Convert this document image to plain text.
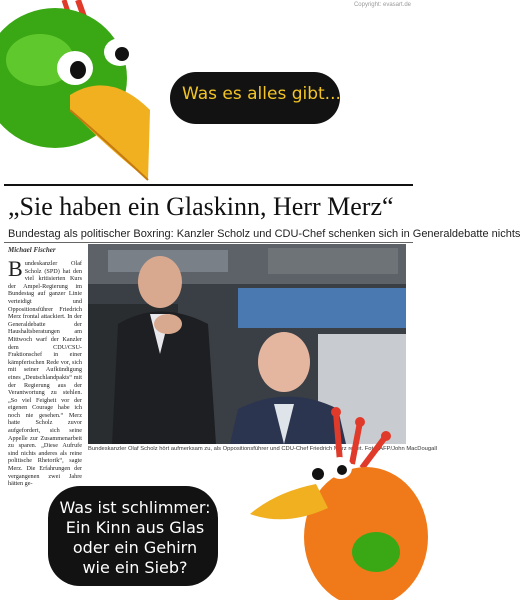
Copyright: evasart.de
„Sie haben ein Glaskinn, Herr Merz“
Bundestag als politischer Boxring: Kanzler Scholz und CDU-Chef schenken sich in Generaldebatte nichts
Michael Fischer
Bundeskanzler Olaf Scholz (SPD) hat den viel kritisierten Kurs der Ampel-Regierung im Bundestag auf ganzer Linie verteidigt und Oppositionsführer Friedrich Merz frontal attackiert. In der Generaldebatte der Haushaltsberatungen am Mittwoch warf der Kanzler dem CDU/CSU-Fraktionschef in einer kämpferischen Rede vor, sich mit seiner Aufkündigung eines „Deutschlandpakts“ mit der Regierung aus der Verantwortung zu stehlen. „So viel Feigheit vor der eigenen Courage habe ich noch nie gesehen.“ Merz hatte Scholz zuvor aufgefordert, sich seine Appelle zur Zusammenarbeit zu sparen. „Diese Aufrufe sind nichts anderes als reine politische Rhetorik“, sagte Merz. Die Erfahrungen der vergangenen zwei Jahre hätten ge-
Bundeskanzler Olaf Scholz hört aufmerksam zu, als Oppositionsführer und CDU-Chef Friedrich Merz redet. Foto: AFP/John MacDougall
Was es alles gibt...
Was ist schlimmer:
Ein Kinn aus Glas
oder ein Gehirn
wie ein Sieb?
